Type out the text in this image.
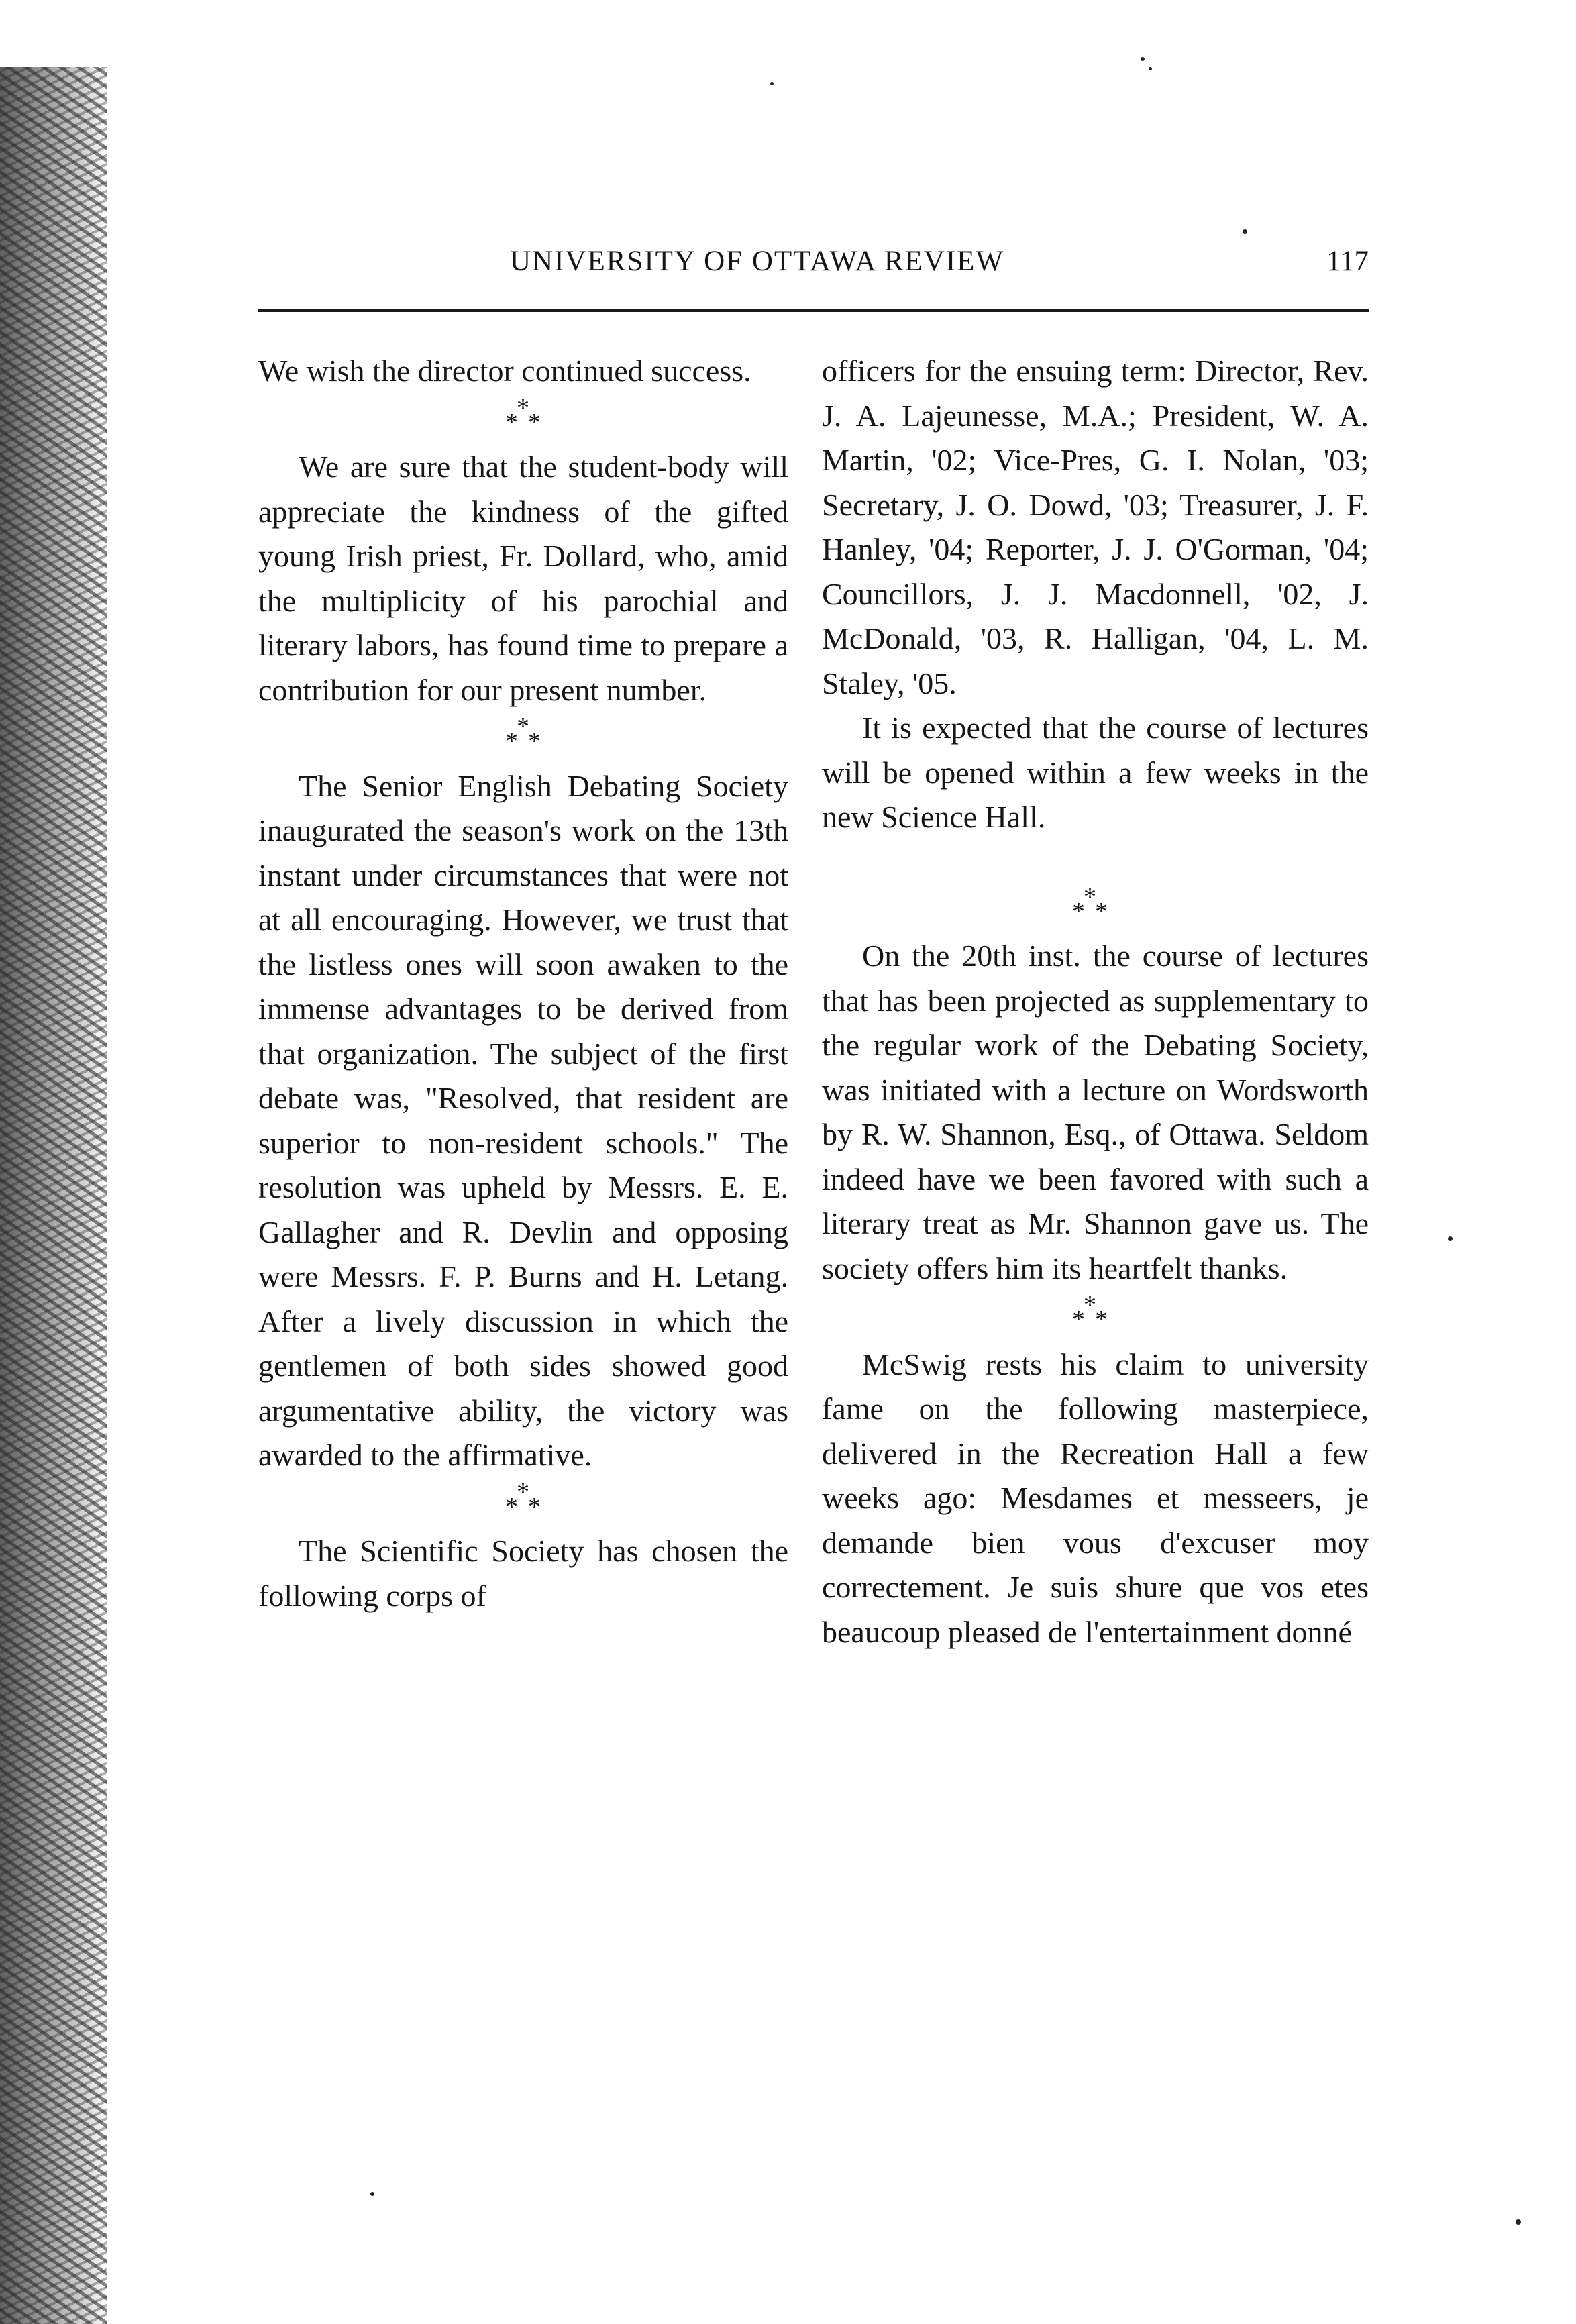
UNIVERSITY OF OTTAWA REVIEW	117

We wish the director continued success.

*
*
*

We are sure that the student-body will appreciate the kindness of the gifted young Irish priest, Fr. Dollard, who, amid the multiplicity of his parochial and literary labors, has found time to prepare a contribution for our present number.

*
*
*

The Senior English Debating Society inaugurated the season's work on the 13th instant under circumstances that were not at all encouraging. However, we trust that the listless ones will soon awaken to the immense advantages to be derived from that organization. The subject of the first debate was, "Resolved, that resident are superior to non-resident schools." The resolution was upheld by Messrs. E. E. Gallagher and R. Devlin and opposing were Messrs. F. P. Burns and H. Letang. After a lively discussion in which the gentlemen of both sides showed good argumentative ability, the victory was awarded to the affirmative.

*
*
*

The Scientific Society has chosen the following corps of

officers for the ensuing term: Director, Rev. J. A. Lajeunesse, M.A.; President, W. A. Martin, '02; Vice-Pres, G. I. Nolan, '03; Secretary, J. O. Dowd, '03; Treasurer, J. F. Hanley, '04; Reporter, J. J. O'Gorman, '04; Councillors, J. J. Macdonnell, '02, J. McDonald, '03, R. Halligan, '04, L. M. Staley, '05.

It is expected that the course of lectures will be opened within a few weeks in the new Science Hall.

*
*
*

On the 20th inst. the course of lectures that has been projected as supplementary to the regular work of the Debating Society, was initiated with a lecture on Wordsworth by R. W. Shannon, Esq., of Ottawa. Seldom indeed have we been favored with such a literary treat as Mr. Shannon gave us. The society offers him its heartfelt thanks.

*
*
*

McSwig rests his claim to university fame on the following masterpiece, delivered in the Recreation Hall a few weeks ago: Mesdames et messeers, je demande bien vous d'excuser moy correctement. Je suis shure que vos etes beaucoup pleased de l'entertainment donné
